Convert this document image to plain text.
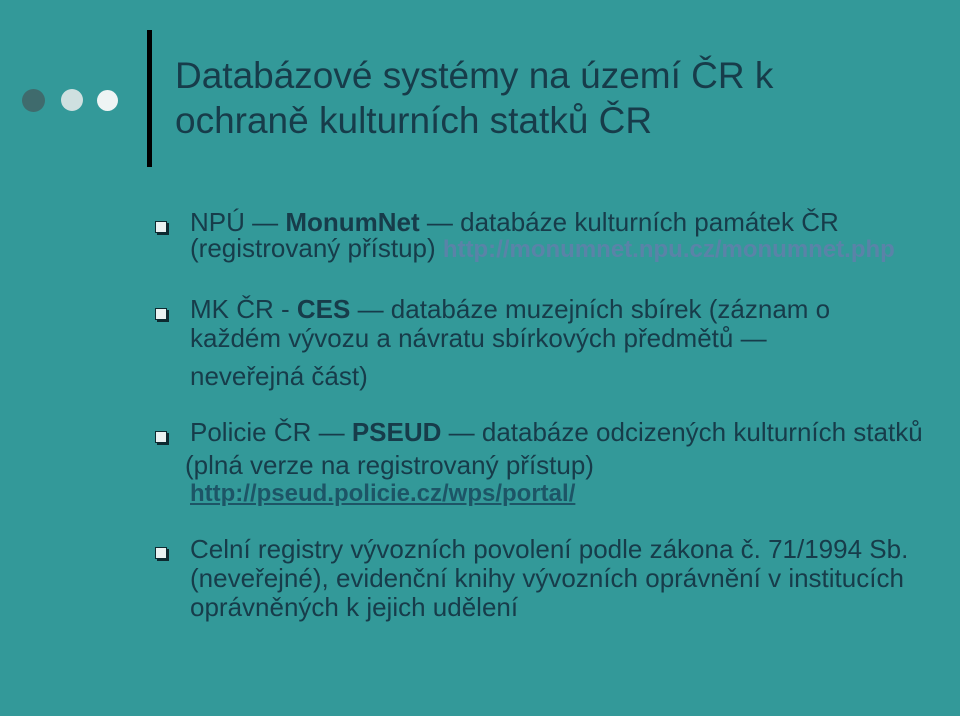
Databázové systémy na území ČR k
ochraně kulturních statků ČR
NPÚ — MonumNet — databáze kulturních památek ČR
(registrovaný přístup) http://monumnet.npu.cz/monumnet.php
MK ČR - CES — databáze muzejních sbírek (záznam o
každém vývozu a návratu sbírkových předmětů —
neveřejná část)
Policie ČR — PSEUD — databáze odcizených kulturních statků
(plná verze na registrovaný přístup)
http://pseud.policie.cz/wps/portal/
Celní registry vývozních povolení podle zákona č. 71/1994 Sb.
(neveřejné), evidenční knihy vývozních oprávnění v institucích
oprávněných k jejich udělení
